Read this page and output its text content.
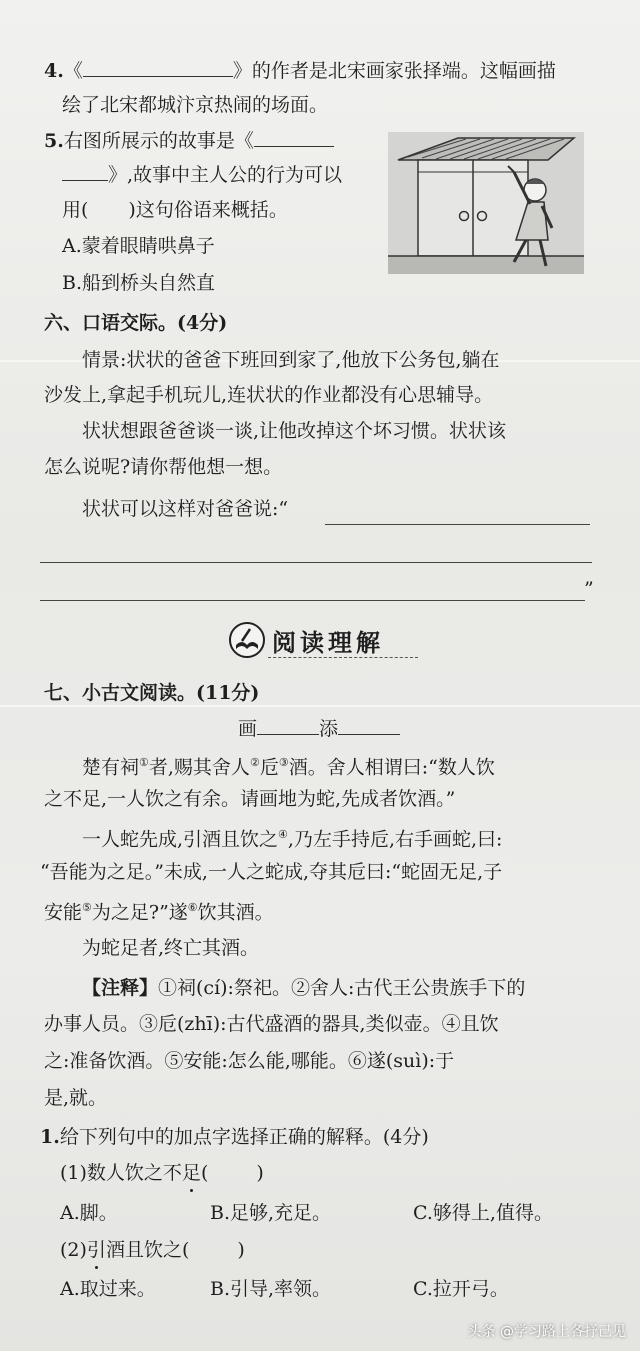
4.《	》的作者是北宋画家张择端。这幅画描
绘了北宋都城汴京热闹的场面。
5.右图所展示的故事是《
》,故事中主人公的行为可以
用( )这句俗语来概括。
A.蒙着眼睛哄鼻子
B.船到桥头自然直
六、口语交际。(4分)
情景:状状的爸爸下班回到家了,他放下公务包,躺在
沙发上,拿起手机玩儿,连状状的作业都没有心思辅导。
状状想跟爸爸谈一谈,让他改掉这个坏习惯。状状该
怎么说呢?请你帮他想一想。
状状可以这样对爸爸说:“
”
阅读理解
七、小古文阅读。(11分)
画	添
楚有祠①者,赐其舍人②卮③酒。舍人相谓曰:“数人饮
之不足,一人饮之有余。请画地为蛇,先成者饮酒。”
一人蛇先成,引酒且饮之④,乃左手持卮,右手画蛇,曰:
“吾能为之足。”未成,一人之蛇成,夺其卮曰:“蛇固无足,子
安能⑤为之足?”遂⑥饮其酒。
为蛇足者,终亡其酒。
【注释】①祠(cí):祭祀。②舍人:古代王公贵族手下的
办事人员。③卮(zhī):古代盛酒的器具,类似壶。④且饮
之:准备饮酒。⑤安能:怎么能,哪能。⑥遂(suì):于
是,就。
1.给下列句中的加点字选择正确的解释。(4分)
(1)数人饮之不足(	)
A.脚。	B.足够,充足。	C.够得上,值得。
(2)引酒且饮之(	)
A.取过来。	B.引导,率领。	C.拉开弓。
头条 @学习路上各抒己见
